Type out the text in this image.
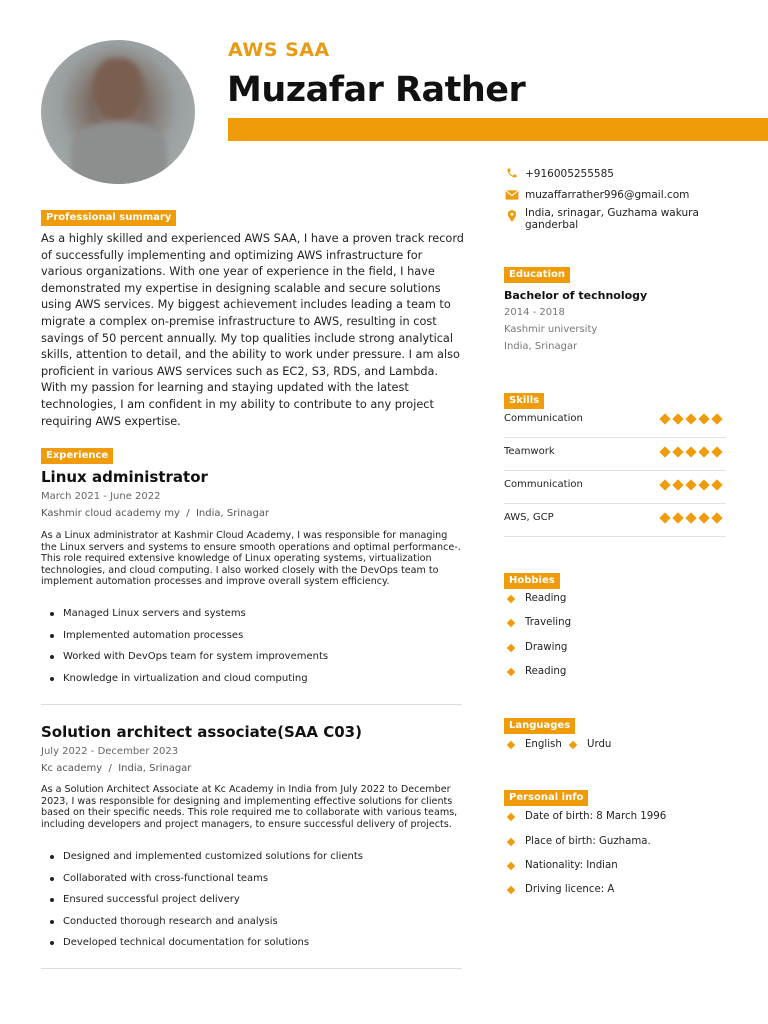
AWS SAA
Muzafar Rather
+916005255585
muzaffarrather996@gmail.com
India, srinagar, Guzhama wakura ganderbal
Professional summary
As a highly skilled and experienced AWS SAA, I have a proven track record of successfully implementing and optimizing AWS infrastructure for various organizations. With one year of experience in the field, I have demonstrated my expertise in designing scalable and secure solutions using AWS services. My biggest achievement includes leading a team to migrate a complex on-premise infrastructure to AWS, resulting in cost savings of 50 percent annually. My top qualities include strong analytical skills, attention to detail, and the ability to work under pressure. I am also proficient in various AWS services such as EC2, S3, RDS, and Lambda. With my passion for learning and staying updated with the latest technologies, I am confident in my ability to contribute to any project requiring AWS expertise.
Experience
Linux administrator
March 2021 - June 2022
Kashmir cloud academy my  /  India, Srinagar
As a Linux administrator at Kashmir Cloud Academy, I was responsible for managing the Linux servers and systems to ensure smooth operations and optimal performance-. This role required extensive knowledge of Linux operating systems, virtualization technologies, and cloud computing. I also worked closely with the DevOps team to implement automation processes and improve overall system efficiency.
Managed Linux servers and systems
Implemented automation processes
Worked with DevOps team for system improvements
Knowledge in virtualization and cloud computing
Solution architect associate(SAA C03)
July 2022 - December 2023
Kc academy  /  India, Srinagar
As a Solution Architect Associate at Kc Academy in India from July 2022 to December 2023, I was responsible for designing and implementing effective solutions for clients based on their specific needs. This role required me to collaborate with various teams, including developers and project managers, to ensure successful delivery of projects.
Designed and implemented customized solutions for clients
Collaborated with cross-functional teams
Ensured successful project delivery
Conducted thorough research and analysis
Developed technical documentation for solutions
Education
Bachelor of technology
2014 - 2018
Kashmir university
India, Srinagar
Skills
Communication
Teamwork
Communication
AWS, GCP
Hobbies
Reading
Traveling
Drawing
Reading
Languages
English Urdu
Personal info
Date of birth: 8 March 1996
Place of birth: Guzhama.
Nationality: Indian
Driving licence: A
